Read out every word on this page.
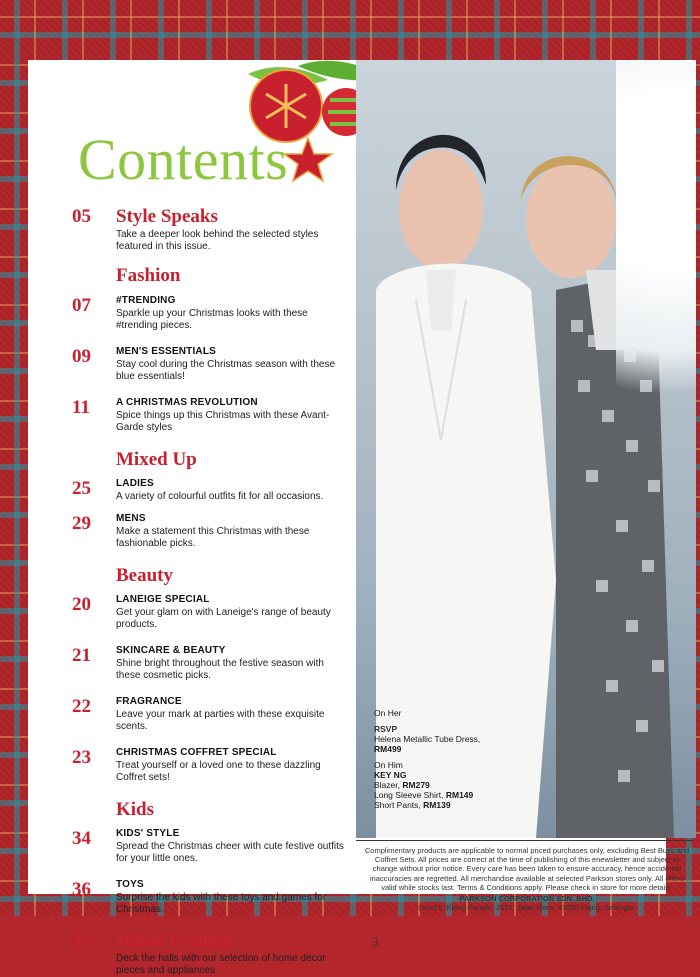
Contents
05	Style Speaks
Take a deeper look behind the selected styles featured in this issue.
Fashion
07	#TRENDING
Sparkle up your Christmas looks with these #trending pieces.
09	MEN'S ESSENTIALS
Stay cool during the Christmas season with these blue essentials!
11	A CHRISTMAS REVOLUTION
Spice things up this Christmas with these Avant-Garde styles
Mixed Up
25	LADIES
A variety of colourful outfits fit for all occasions.
29	MENS
Make a statement this Christmas with these fashionable picks.
Beauty
20	LANEIGE SPECIAL
Get your glam on with Laneige's range of beauty products.
21	SKINCARE & BEAUTY
Shine bright throughout the festive season with these cosmetic picks.
22	FRAGRANCE
Leave your mark at parties with these exquisite scents.
23	CHRISTMAS COFFRET SPECIAL
Treat yourself or a loved one to these dazzling Coffret sets!
Kids
34	KIDS' STYLE
Spread the Christmas cheer with cute festive outfits for your little ones.
36	TOYS
Surprise the kids with these toys and games for Christmas.
37	Home Fashion
Deck the halls with our selection of home decor pieces and appliances
On Her
RSVP
Helena Metallic Tube Dress,
RM499
On Him
KEY NG
Blazer, RM279
Long Sleeve Shirt, RM149
Short Pants, RM139
Complimentary products are applicable to normal priced purchases only, excluding Best Buys and Coffret Sets. All prices are correct at the time of publishing of this enewsletter and subject to change without prior notice. Every care has been taken to ensure accuracy, hence accidental inaccuracies are regretted. All merchandise available at selected Parkson stores only. All offers valid while stocks last. Terms & Conditions apply. Please check in store for more details.
PARKSON CORPORATION SDN. BHD.
Level 5, Klang Parade, 2112, Jalan Meru, 41050 Klang, Selangor.
3
